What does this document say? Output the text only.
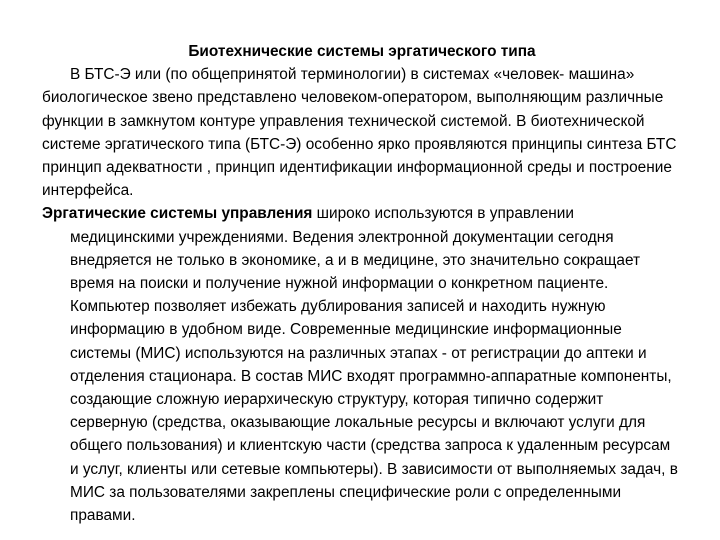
Биотехнические системы эргатического типа

В БТС-Э или (по общепринятой терминологии) в системах «человек- машина» биологическое звено представлено человеком-оператором, выполняющим различные функции в замкнутом контуре управления технической системой. В биотехнической системе эргатического типа (БТС-Э) особенно ярко проявляются принципы синтеза БТС принцип адекватности , принцип идентификации информационной среды и построение интерфейса.

Эргатические системы управления широко используются в управлении медицинскими учреждениями. Ведения электронной документации сегодня внедряется не только в экономике, а и в медицине, это значительно сокращает время на поиски и получение нужной информации о конкретном пациенте. Компьютер позволяет избежать дублирования записей и находить нужную информацию в удобном виде. Современные медицинские информационные системы (МИС) используются на различных этапах - от регистрации до аптеки и отделения стационара. В состав МИС входят программно-аппаратные компоненты, создающие сложную иерархическую структуру, которая типично содержит серверную (средства, оказывающие локальные ресурсы и включают услуги для общего пользования) и клиентскую части (средства запроса к удаленным ресурсам и услуг, клиенты или сетевые компьютеры). В зависимости от выполняемых задач, в МИС за пользователями закреплены специфические роли с определенными правами.
